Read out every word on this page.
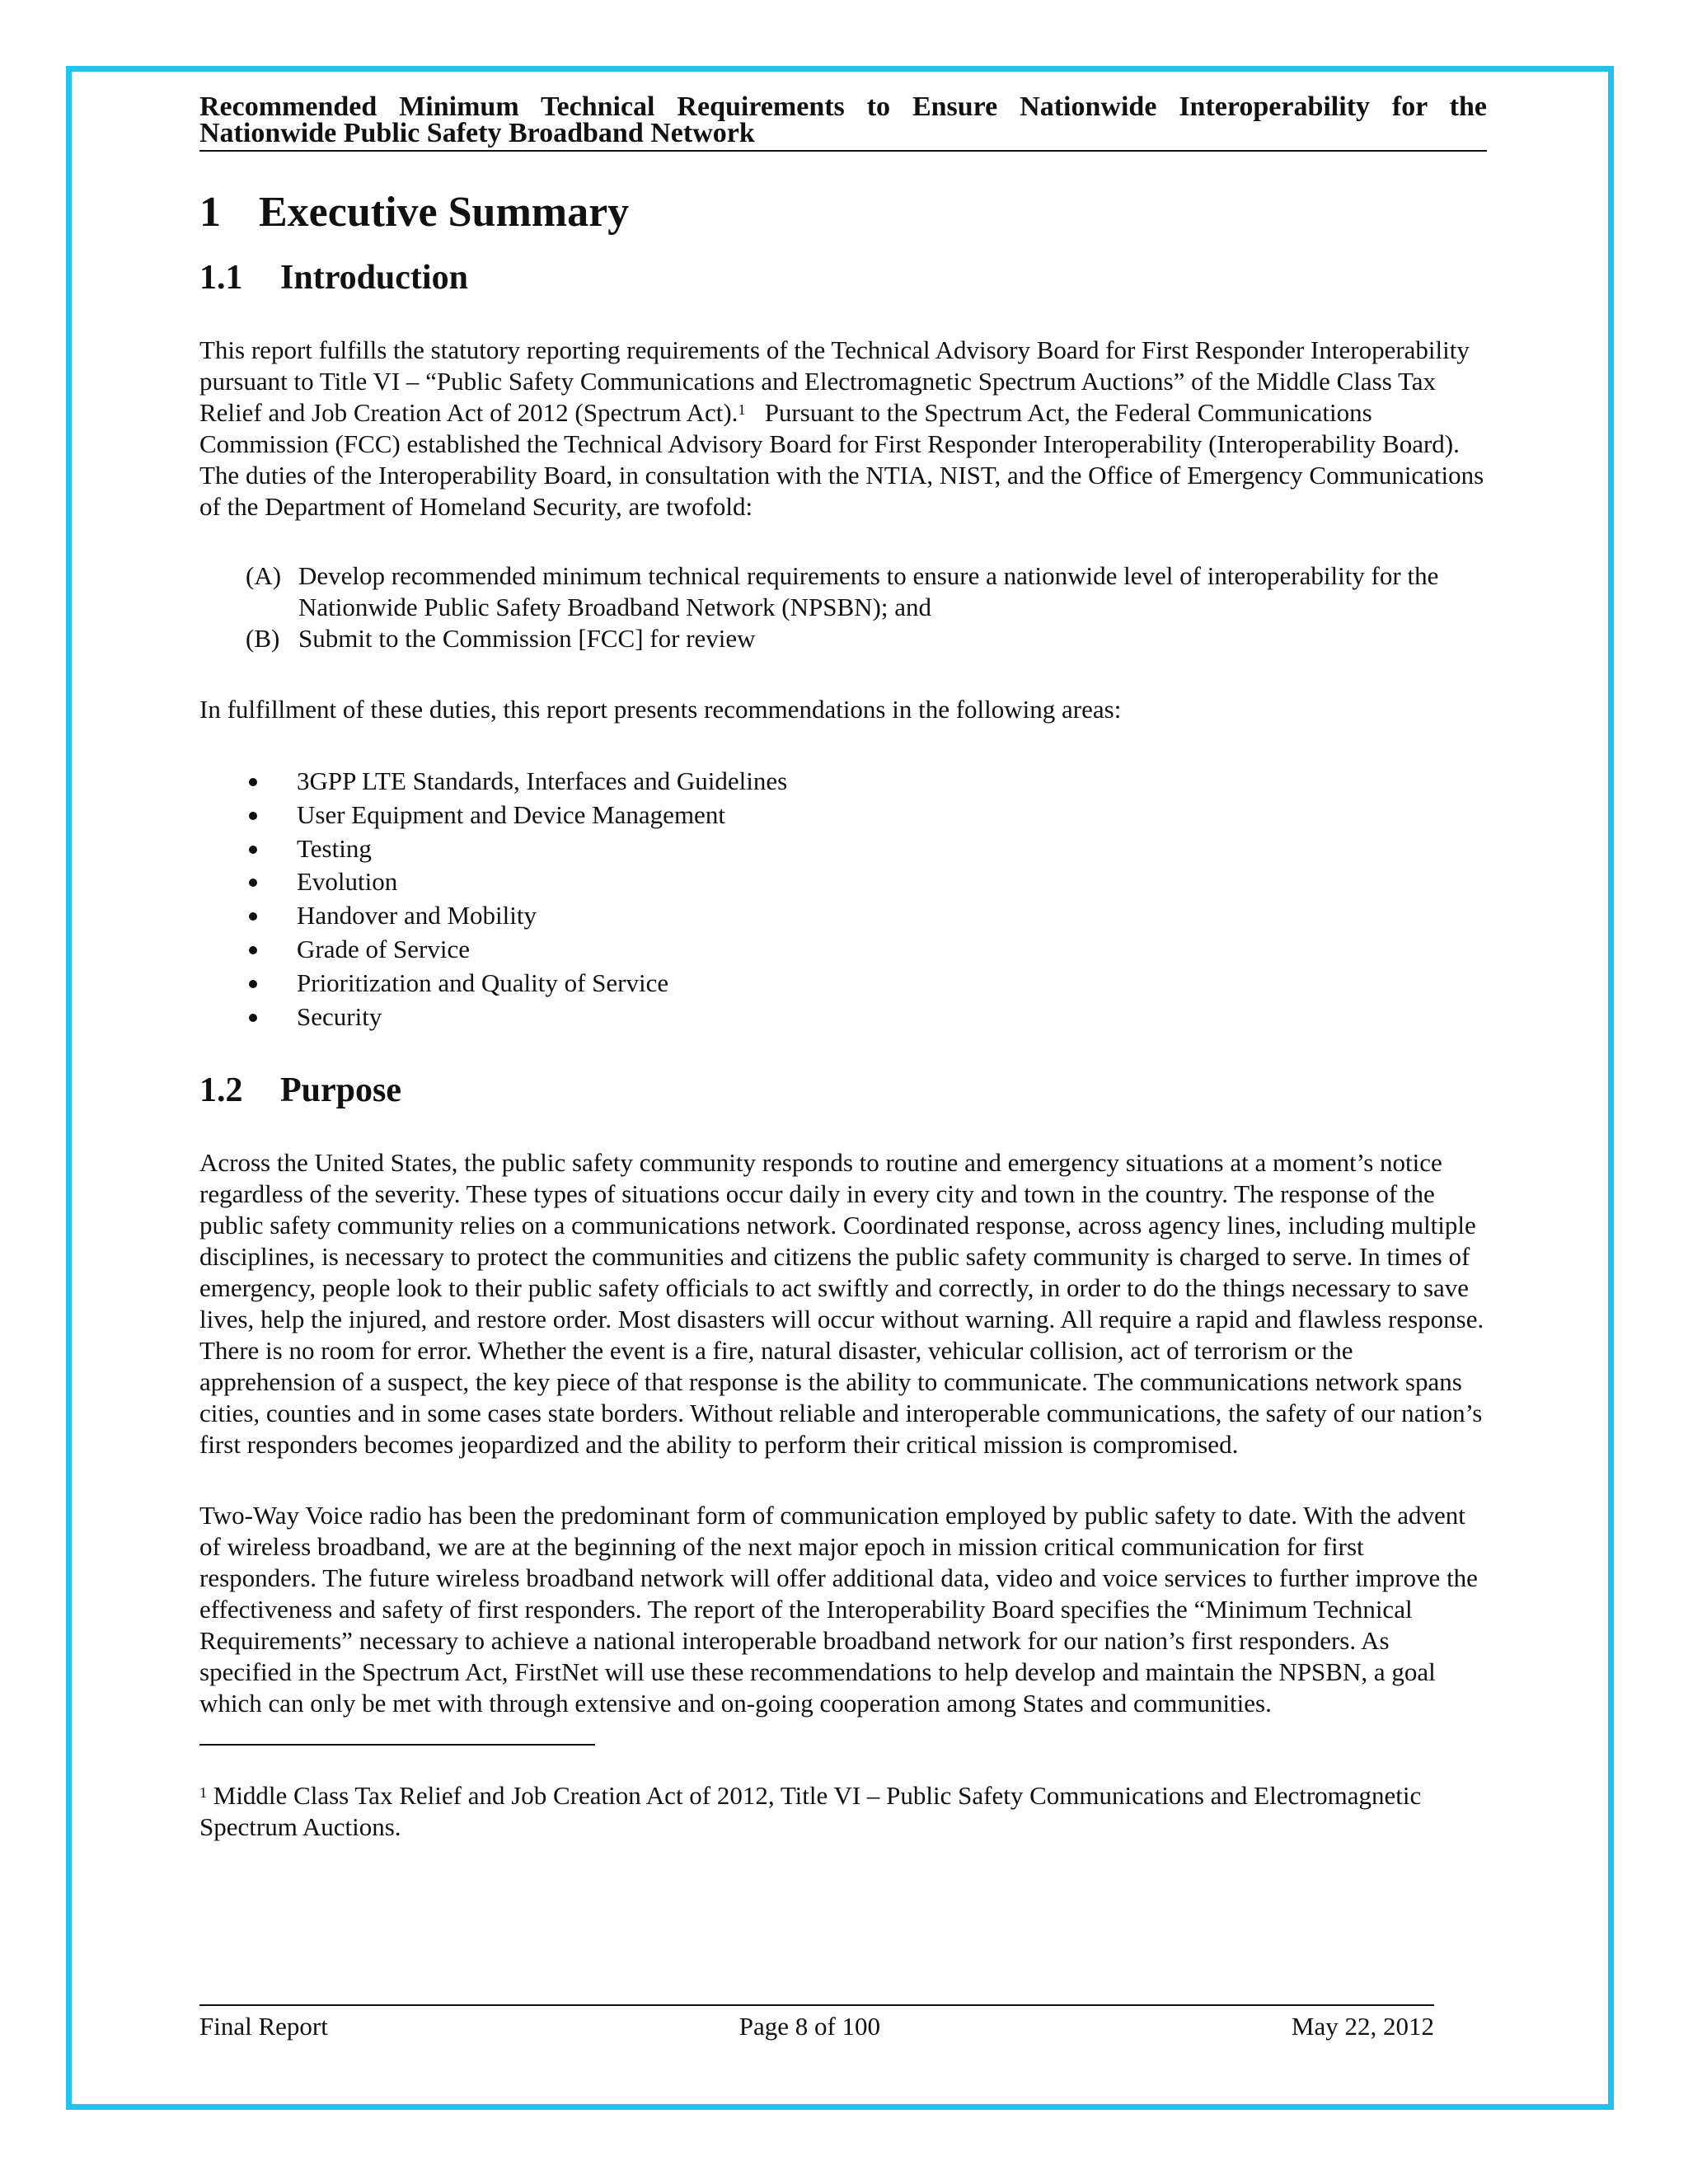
Recommended Minimum Technical Requirements to Ensure Nationwide Interoperability for the Nationwide Public Safety Broadband Network
1 Executive Summary
1.1 Introduction

This report fulfills the statutory reporting requirements of the Technical Advisory Board for First Responder Interoperability pursuant to Title VI – “Public Safety Communications and Electromagnetic Spectrum Auctions” of the Middle Class Tax Relief and Job Creation Act of 2012 (Spectrum Act).$^1$ Pursuant to the Spectrum Act, the Federal Communications Commission (FCC) established the Technical Advisory Board for First Responder Interoperability (Interoperability Board). The duties of the Interoperability Board, in consultation with the NTIA, NIST, and the Office of Emergency Communications of the Department of Homeland Security, are twofold:

(A) Develop recommended minimum technical requirements to ensure a nationwide level of interoperability for the Nationwide Public Safety Broadband Network (NPSBN); and
(B) Submit to the Commission [FCC] for review

In fulfillment of these duties, this report presents recommendations in the following areas:

3GPP LTE Standards, Interfaces and Guidelines
User Equipment and Device Management
Testing
Evolution
Handover and Mobility
Grade of Service
Prioritization and Quality of Service
Security
1.2 Purpose

Across the United States, the public safety community responds to routine and emergency situations at a moment’s notice regardless of the severity. These types of situations occur daily in every city and town in the country. The response of the public safety community relies on a communications network. Coordinated response, across agency lines, including multiple disciplines, is necessary to protect the communities and citizens the public safety community is charged to serve. In times of emergency, people look to their public safety officials to act swiftly and correctly, in order to do the things necessary to save lives, help the injured, and restore order. Most disasters will occur without warning. All require a rapid and flawless response. There is no room for error. Whether the event is a fire, natural disaster, vehicular collision, act of terrorism or the apprehension of a suspect, the key piece of that response is the ability to communicate. The communications network spans cities, counties and in some cases state borders. Without reliable and interoperable communications, the safety of our nation’s first responders becomes jeopardized and the ability to perform their critical mission is compromised.

Two-Way Voice radio has been the predominant form of communication employed by public safety to date. With the advent of wireless broadband, we are at the beginning of the next major epoch in mission critical communication for first responders. The future wireless broadband network will offer additional data, video and voice services to further improve the effectiveness and safety of first responders. The report of the Interoperability Board specifies the “Minimum Technical Requirements” necessary to achieve a national interoperable broadband network for our nation’s first responders. As specified in the Spectrum Act, FirstNet will use these recommendations to help develop and maintain the NPSBN, a goal which can only be met with through extensive and on-going cooperation among States and communities.

$^1$ Middle Class Tax Relief and Job Creation Act of 2012, Title VI – Public Safety Communications and Electromagnetic Spectrum Auctions.

Final Report	Page 8 of 100	May 22, 2012
